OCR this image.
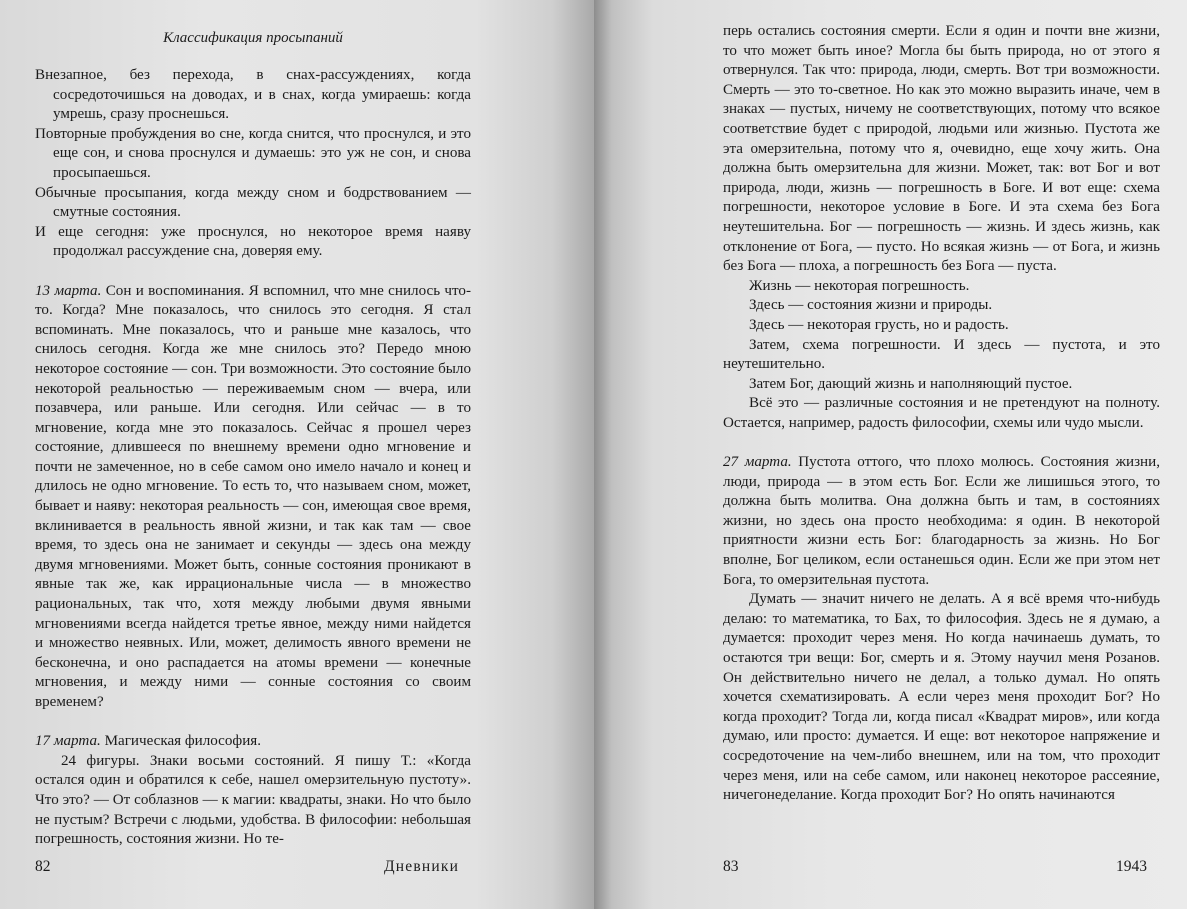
Классификация просыпаний

Внезапное, без перехода, в снах-рассуждениях, когда сосредоточишься на доводах, и в снах, когда умираешь: когда умрешь, сразу проснешься.

Повторные пробуждения во сне, когда снится, что проснулся, и это еще сон, и снова проснулся и думаешь: это уж не сон, и снова просыпаешься.

Обычные просыпания, когда между сном и бодрствованием — смутные состояния.

И еще сегодня: уже проснулся, но некоторое время наяву продолжал рассуждение сна, доверяя ему.

13 марта. Сон и воспоминания. Я вспомнил, что мне снилось что-то. Когда? Мне показалось, что снилось это сегодня. Я стал вспоминать. Мне показалось, что и раньше мне казалось, что снилось сегодня. Когда же мне снилось это? Передо мною некоторое состояние — сон. Три возможности. Это состояние было некоторой реальностью — переживаемым сном — вчера, или позавчера, или раньше. Или сегодня. Или сейчас — в то мгновение, когда мне это показалось. Сейчас я прошел через состояние, длившееся по внешнему времени одно мгновение и почти не замеченное, но в себе самом оно имело начало и конец и длилось не одно мгновение. То есть то, что называем сном, может, бывает и наяву: некоторая реальность — сон, имеющая свое время, вклинивается в реальность явной жизни, и так как там — свое время, то здесь она не занимает и секунды — здесь она между двумя мгновениями. Может быть, сонные состояния проникают в явные так же, как иррациональные числа — в множество рациональных, так что, хотя между любыми двумя явными мгновениями всегда найдется третье явное, между ними найдется и множество неявных. Или, может, делимость явного времени не бесконечна, и оно распадается на атомы времени — конечные мгновения, и между ними — сонные состояния со своим временем?

17 марта. Магическая философия.

24 фигуры. Знаки восьми состояний. Я пишу Т.: «Когда остался один и обратился к себе, нашел омерзительную пустоту». Что это? — От соблазнов — к магии: квадраты, знаки. Но что было не пустым? Встречи с людьми, удобства. В философии: небольшая погрешность, состояния жизни. Но те-

82	Дневники

перь остались состояния смерти. Если я один и почти вне жизни, то что может быть иное? Могла бы быть природа, но от этого я отвернулся. Так что: природа, люди, смерть. Вот три возможности. Смерть — это то-светное. Но как это можно выразить иначе, чем в знаках — пустых, ничему не соответствующих, потому что всякое соответствие будет с природой, людьми или жизнью. Пустота же эта омерзительна, потому что я, очевидно, еще хочу жить. Она должна быть омерзительна для жизни. Может, так: вот Бог и вот природа, люди, жизнь — погрешность в Боге. И вот еще: схема погрешности, некоторое условие в Боге. И эта схема без Бога неутешительна. Бог — погрешность — жизнь. И здесь жизнь, как отклонение от Бога, — пусто. Но всякая жизнь — от Бога, и жизнь без Бога — плоха, а погрешность без Бога — пуста.

Жизнь — некоторая погрешность.

Здесь — состояния жизни и природы.

Здесь — некоторая грусть, но и радость.

Затем, схема погрешности. И здесь — пустота, и это неутешительно.

Затем Бог, дающий жизнь и наполняющий пустое.

Всё это — различные состояния и не претендуют на полноту. Остается, например, радость философии, схемы или чудо мысли.

27 марта. Пустота оттого, что плохо молюсь. Состояния жизни, люди, природа — в этом есть Бог. Если же лишишься этого, то должна быть молитва. Она должна быть и там, в состояниях жизни, но здесь она просто необходима: я один. В некоторой приятности жизни есть Бог: благодарность за жизнь. Но Бог вполне, Бог целиком, если останешься один. Если же при этом нет Бога, то омерзительная пустота.

Думать — значит ничего не делать. А я всё время что-нибудь делаю: то математика, то Бах, то философия. Здесь не я думаю, а думается: проходит через меня. Но когда начинаешь думать, то остаются три вещи: Бог, смерть и я. Этому научил меня Розанов. Он действительно ничего не делал, а только думал. Но опять хочется схематизировать. А если через меня проходит Бог? Но когда проходит? Тогда ли, когда писал «Квадрат миров», или когда думаю, или просто: думается. И еще: вот некоторое напряжение и сосредоточение на чем-либо внешнем, или на том, что проходит через меня, или на себе самом, или наконец некоторое рассеяние, ничегонеделание. Когда проходит Бог? Но опять начинаются

83	1943
